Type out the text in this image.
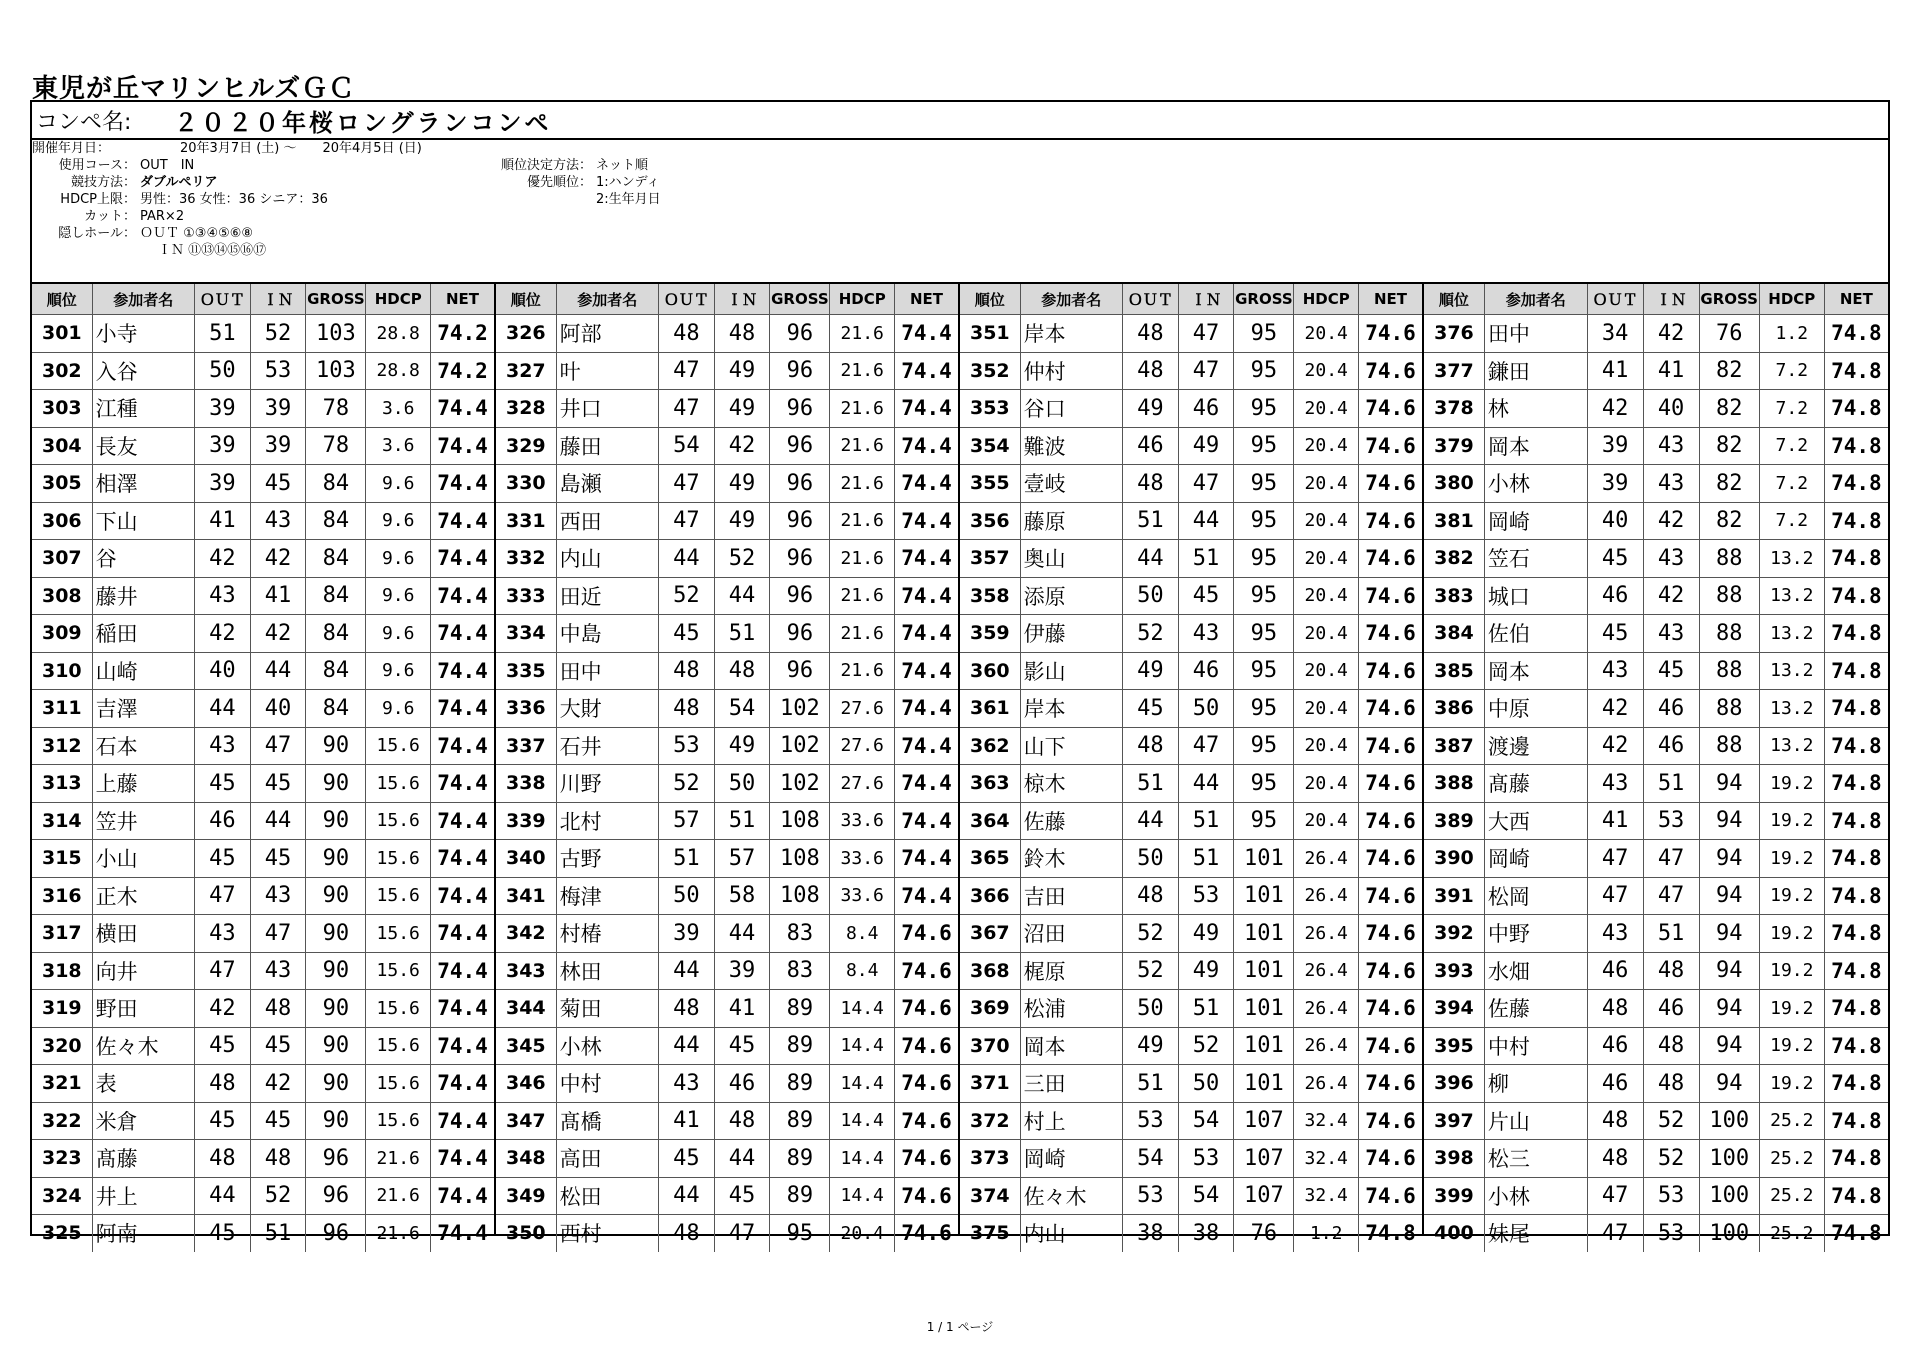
東児が丘マリンヒルズＧＣ
コンペ名:	２０２０年桜ロングランコンペ
開催年月日：	20年3月7日 (土) ～　　20年4月5日 (日)
使用コース： OUT　IN
競技方法： ダブルペリア
HDCP上限： 男性：36 女性：36 シニア：36
カット： PAR×2
隠しホール： ＯＵＴ ①③④⑤⑥⑧
ＩＮ ⑪⑬⑭⑮⑯⑰
順位決定方法： ネット順
優先順位： 1:ハンディ
2:生年月日
順位	参加者名	ＯＵＴ	ＩＮ	GROSS	HDCP	NET
301	小寺	51	52	103	28.8	74.2
302	入谷	50	53	103	28.8	74.2
303	江種	39	39	78	3.6	74.4
304	長友	39	39	78	3.6	74.4
305	相澤	39	45	84	9.6	74.4
306	下山	41	43	84	9.6	74.4
307	谷	42	42	84	9.6	74.4
308	藤井	43	41	84	9.6	74.4
309	稲田	42	42	84	9.6	74.4
310	山崎	40	44	84	9.6	74.4
311	吉澤	44	40	84	9.6	74.4
312	石本	43	47	90	15.6	74.4
313	上藤	45	45	90	15.6	74.4
314	笠井	46	44	90	15.6	74.4
315	小山	45	45	90	15.6	74.4
316	正木	47	43	90	15.6	74.4
317	横田	43	47	90	15.6	74.4
318	向井	47	43	90	15.6	74.4
319	野田	42	48	90	15.6	74.4
320	佐々木	45	45	90	15.6	74.4
321	表	48	42	90	15.6	74.4
322	米倉	45	45	90	15.6	74.4
323	髙藤	48	48	96	21.6	74.4
324	井上	44	52	96	21.6	74.4
325	阿南	45	51	96	21.6	74.4
順位	参加者名	ＯＵＴ	ＩＮ	GROSS	HDCP	NET
326	阿部	48	48	96	21.6	74.4
327	叶	47	49	96	21.6	74.4
328	井口	47	49	96	21.6	74.4
329	藤田	54	42	96	21.6	74.4
330	島瀬	47	49	96	21.6	74.4
331	西田	47	49	96	21.6	74.4
332	内山	44	52	96	21.6	74.4
333	田近	52	44	96	21.6	74.4
334	中島	45	51	96	21.6	74.4
335	田中	48	48	96	21.6	74.4
336	大財	48	54	102	27.6	74.4
337	石井	53	49	102	27.6	74.4
338	川野	52	50	102	27.6	74.4
339	北村	57	51	108	33.6	74.4
340	古野	51	57	108	33.6	74.4
341	梅津	50	58	108	33.6	74.4
342	村椿	39	44	83	8.4	74.6
343	林田	44	39	83	8.4	74.6
344	菊田	48	41	89	14.4	74.6
345	小林	44	45	89	14.4	74.6
346	中村	43	46	89	14.4	74.6
347	髙橋	41	48	89	14.4	74.6
348	高田	45	44	89	14.4	74.6
349	松田	44	45	89	14.4	74.6
350	西村	48	47	95	20.4	74.6
順位	参加者名	ＯＵＴ	ＩＮ	GROSS	HDCP	NET
351	岸本	48	47	95	20.4	74.6
352	仲村	48	47	95	20.4	74.6
353	谷口	49	46	95	20.4	74.6
354	難波	46	49	95	20.4	74.6
355	壹岐	48	47	95	20.4	74.6
356	藤原	51	44	95	20.4	74.6
357	奥山	44	51	95	20.4	74.6
358	添原	50	45	95	20.4	74.6
359	伊藤	52	43	95	20.4	74.6
360	影山	49	46	95	20.4	74.6
361	岸本	45	50	95	20.4	74.6
362	山下	48	47	95	20.4	74.6
363	椋木	51	44	95	20.4	74.6
364	佐藤	44	51	95	20.4	74.6
365	鈴木	50	51	101	26.4	74.6
366	吉田	48	53	101	26.4	74.6
367	沼田	52	49	101	26.4	74.6
368	梶原	52	49	101	26.4	74.6
369	松浦	50	51	101	26.4	74.6
370	岡本	49	52	101	26.4	74.6
371	三田	51	50	101	26.4	74.6
372	村上	53	54	107	32.4	74.6
373	岡崎	54	53	107	32.4	74.6
374	佐々木	53	54	107	32.4	74.6
375	内山	38	38	76	1.2	74.8
順位	参加者名	ＯＵＴ	ＩＮ	GROSS	HDCP	NET
376	田中	34	42	76	1.2	74.8
377	鎌田	41	41	82	7.2	74.8
378	林	42	40	82	7.2	74.8
379	岡本	39	43	82	7.2	74.8
380	小林	39	43	82	7.2	74.8
381	岡崎	40	42	82	7.2	74.8
382	笠石	45	43	88	13.2	74.8
383	城口	46	42	88	13.2	74.8
384	佐伯	45	43	88	13.2	74.8
385	岡本	43	45	88	13.2	74.8
386	中原	42	46	88	13.2	74.8
387	渡邊	42	46	88	13.2	74.8
388	髙藤	43	51	94	19.2	74.8
389	大西	41	53	94	19.2	74.8
390	岡崎	47	47	94	19.2	74.8
391	松岡	47	47	94	19.2	74.8
392	中野	43	51	94	19.2	74.8
393	水畑	46	48	94	19.2	74.8
394	佐藤	48	46	94	19.2	74.8
395	中村	46	48	94	19.2	74.8
396	柳	46	48	94	19.2	74.8
397	片山	48	52	100	25.2	74.8
398	松三	48	52	100	25.2	74.8
399	小林	47	53	100	25.2	74.8
400	妹尾	47	53	100	25.2	74.8
1 / 1 ページ
